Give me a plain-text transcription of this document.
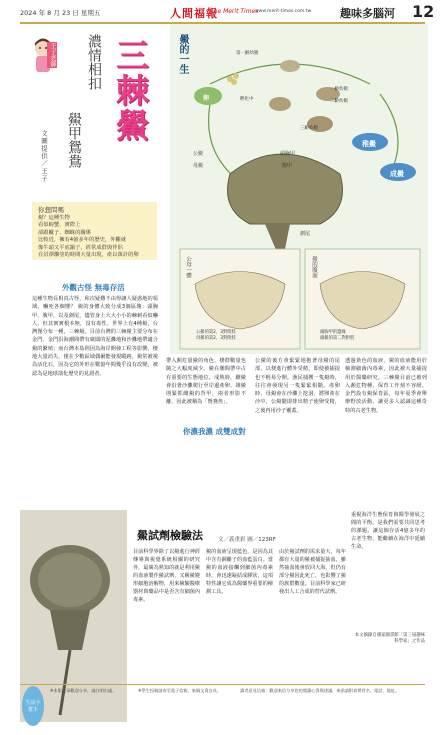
2024 年 8 月 23 日 星期五	人間福報
The Merit Times
www.merit-times.com.tw	趣味多腦河 12
王子老師 三棘鱟
濃情相扣
鱟甲鴛鴦
文圖提供／王子
你想問嗎
鱟？這種生物
看似螃蟹，實際上
卻跟蠍子、蜘蛛的關係
比較近，擁有4億多年的歷史，外觀就
像牛頭又平底鍋子，經常成群與伴侶
在沼澤灘塗的時間大量出現，產以萬計的卵
外觀古怪 無毒存活
這種生物長相真古怪，和次疑難不由得讓人疑惑地的領域，嚇死各個懂？ 鱟的身體大致分成3個區塊：頭胸甲、腹甲，以及劍尾，儘管身上大大小小的棘刺看似嚇人，但其實實根本無，沒有毒性。世界上有4種鱟，台灣僅分布一種，三棘鱟。目前台灣的三棘鱟主要分布在金門，金門沿海潮間帶有廣闊的泥灘地和沙灘地帶適合鱟的繁殖；而台灣本島則因為海岸開發工程等影響，棲地大量消失，僅在少數區域偶爾能發現蹤跡。鱟常被視為活化石，因為它的外形在數億年間幾乎沒有改變，被認為是地球演化歷史的見證者。
鱟的一生
卵
稚鱟
成鱟
第一齡幼鱟
孵化中
三齡幼鱟
二齡幼鱟
一齡幼鱟
公鱟
母鱟
頭胸甲
腹甲
劍尾
公母一體	鱟的腹面
公鱟的第2、3對附肢
母鱟的第2、3對附肢
頭胸甲的邊緣
雄鱟的第二對附肢
帶入瀕危量鱟的角色，棲群數量也隨之大幅度減少。鱟在潮間帶中占有重要的生態地位，成熟時，雌鱟會沿著沙灘爬行至岸邊產卵，雄鱟則緊抓雌鱟的背甲，兩者形影不離，因此被稱為「鴛鴦魚」。
你濃我濃 成雙成對
公鱟的後方會緊緊地抱著母鱟的尾部，以便進行體外受精，即使被捕捉也不輕易分開。漁民捕獲一隻鱟時，往往會發現另一隻緊緊相隨。產卵時，母鱟會在沙灘上挖洞，將卵產在沙中，公鱟隨即排出精子使卵受精，之後再用沙子覆蓋。
透過黃色的血液，鱟的血液能用於檢測細菌內毒素，因此被大量捕捉用於醫藥研究。三棘鱟目前已被列入瀕危物種，保育工作刻不容緩。金門設有鱟保育區，每年夏季會舉辦野放活動，讓更多人認識這種奇特的古老生物。
鱟試劑檢驗法	文／義重彩 圖／123RF
目前科學界除了以鱟進行神經傳導與視覺系統相關的研究外，最廣為熟知的就是利用鱟的血液製作鱟試劑，又稱鱟變形細胞溶解物，用來檢驗醫療器材與藥品中是否含有細菌內毒素。
鱟的血液呈現藍色，是因為其中含有銅離子的血藍蛋白。當鱟的血液接觸到細菌內毒素時，會迅速凝結成膠狀，這項特性讓它成為醫藥界重要的檢測工具。
由於鱟試劑的需求量大，每年都有大量的鱟被捕捉抽血，雖然抽血後會放回大海，但仍有部分鱟因此死亡，也影響了鱟的族群數量。目前科學家已研發出人工合成的替代試劑。
重視海洋生態保育與醫學發展之間的平衡，是我們需要共同思考的課題。讓這個存活4億多年的古老生物，能繼續在海洋中延續生命。
本文摘錄自國家圖書館「第三屆趣味科學家」之作品
生活小幫手
※本版文章歡迎分享，請註明出處。	※學生投稿請寄至電子信箱，來稿文責自負。	讀者意見信箱：歡迎來信分享您的閱讀心得與建議，來函請附真實姓名、電話、地址。
